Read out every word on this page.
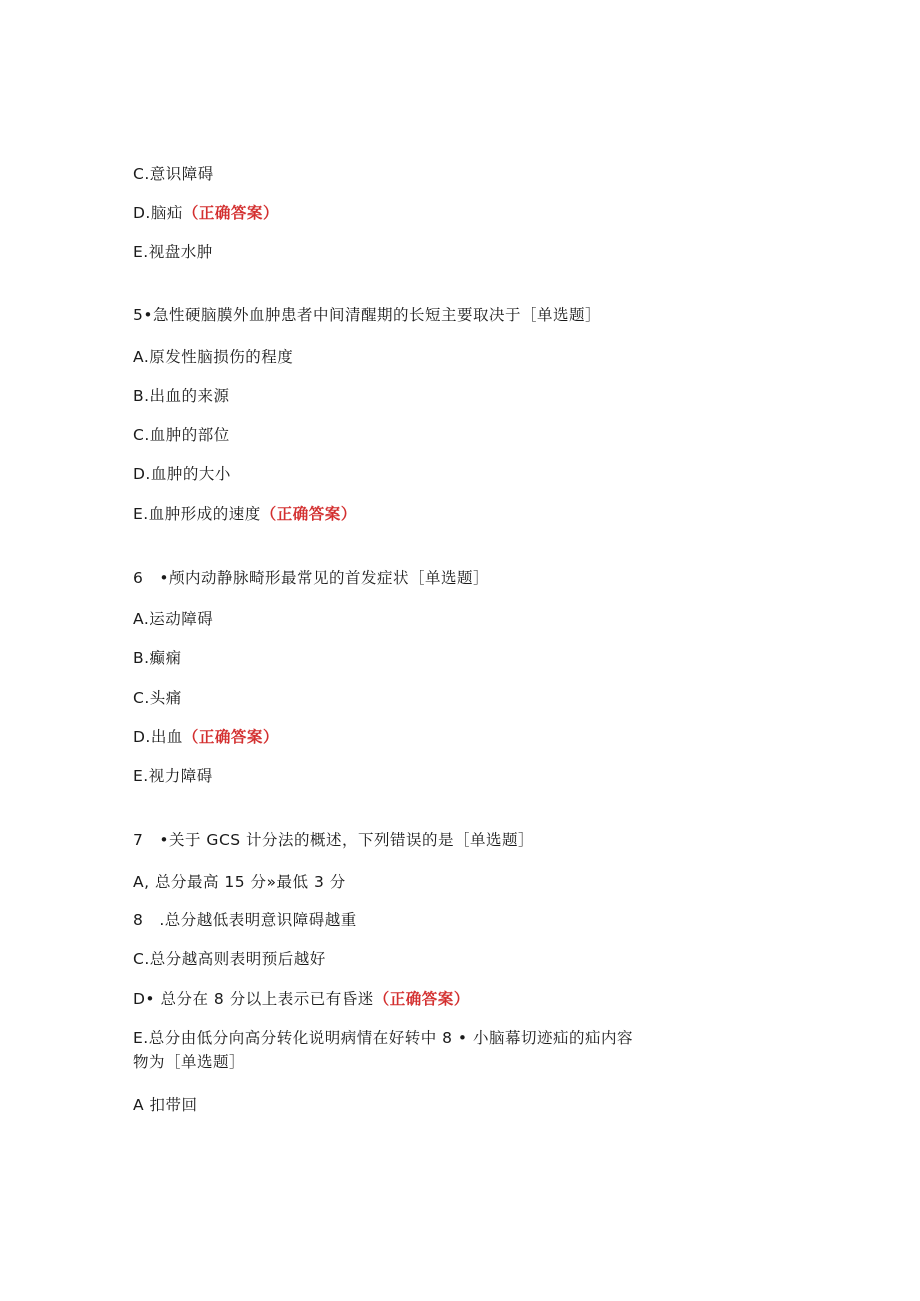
C.意识障碍
D.脑疝（正确答案）
E.视盘水肿
5•急性硬脑膜外血肿患者中间清醒期的长短主要取决于［单选题］
A.原发性脑损伤的程度
B.出血的来源
C.血肿的部位
D.血肿的大小
E.血肿形成的速度（正确答案）
6　•颅内动静脉畸形最常见的首发症状［单选题］
A.运动障碍
B.癫痫
C.头痛
D.出血（正确答案）
E.视力障碍
7　•关于 GCS 计分法的概述，下列错误的是［单选题］
A, 总分最高 15 分»最低 3 分
8　.总分越低表明意识障碍越重
C.总分越高则表明预后越好
D• 总分在 8 分以上表示已有昏迷（正确答案）
E.总分由低分向高分转化说明病情在好转中 8 • 小脑幕切迹疝的疝内容物为［单选题］
A 扣带回
